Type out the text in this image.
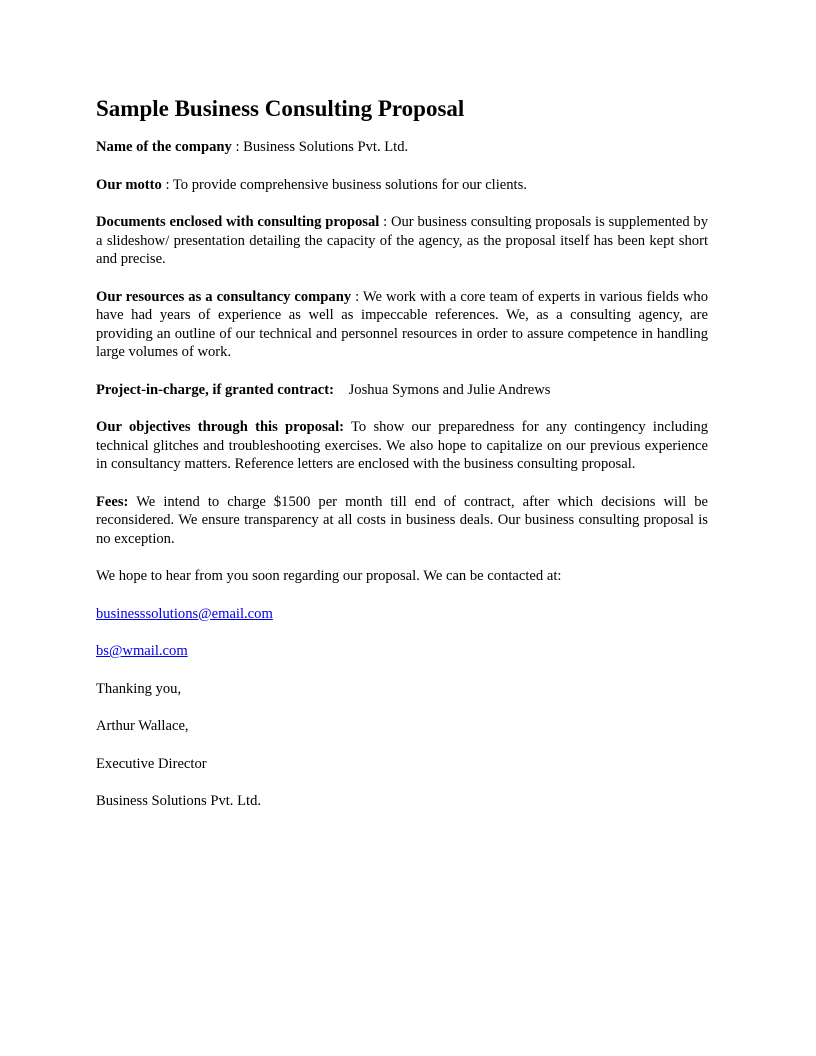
Sample Business Consulting Proposal

Name of the company : Business Solutions Pvt. Ltd.

Our motto : To provide comprehensive business solutions for our clients.

Documents enclosed with consulting proposal : Our business consulting proposals is supplemented by a slideshow/ presentation detailing the capacity of the agency, as the proposal itself has been kept short and precise.

Our resources as a consultancy company : We work with a core team of experts in various fields who have had years of experience as well as impeccable references. We, as a consulting agency, are providing an outline of our technical and personnel resources in order to assure competence in handling large volumes of work.

Project-in-charge, if granted contract:    Joshua Symons and Julie Andrews

Our objectives through this proposal: To show our preparedness for any contingency including technical glitches and troubleshooting exercises. We also hope to capitalize on our previous experience in consultancy matters. Reference letters are enclosed with the business consulting proposal.

Fees: We intend to charge $1500 per month till end of contract, after which decisions will be reconsidered. We ensure transparency at all costs in business deals. Our business consulting proposal is no exception.

We hope to hear from you soon regarding our proposal. We can be contacted at:

businesssolutions@email.com

bs@wmail.com

Thanking you,

Arthur Wallace,

Executive Director

Business Solutions Pvt. Ltd.
